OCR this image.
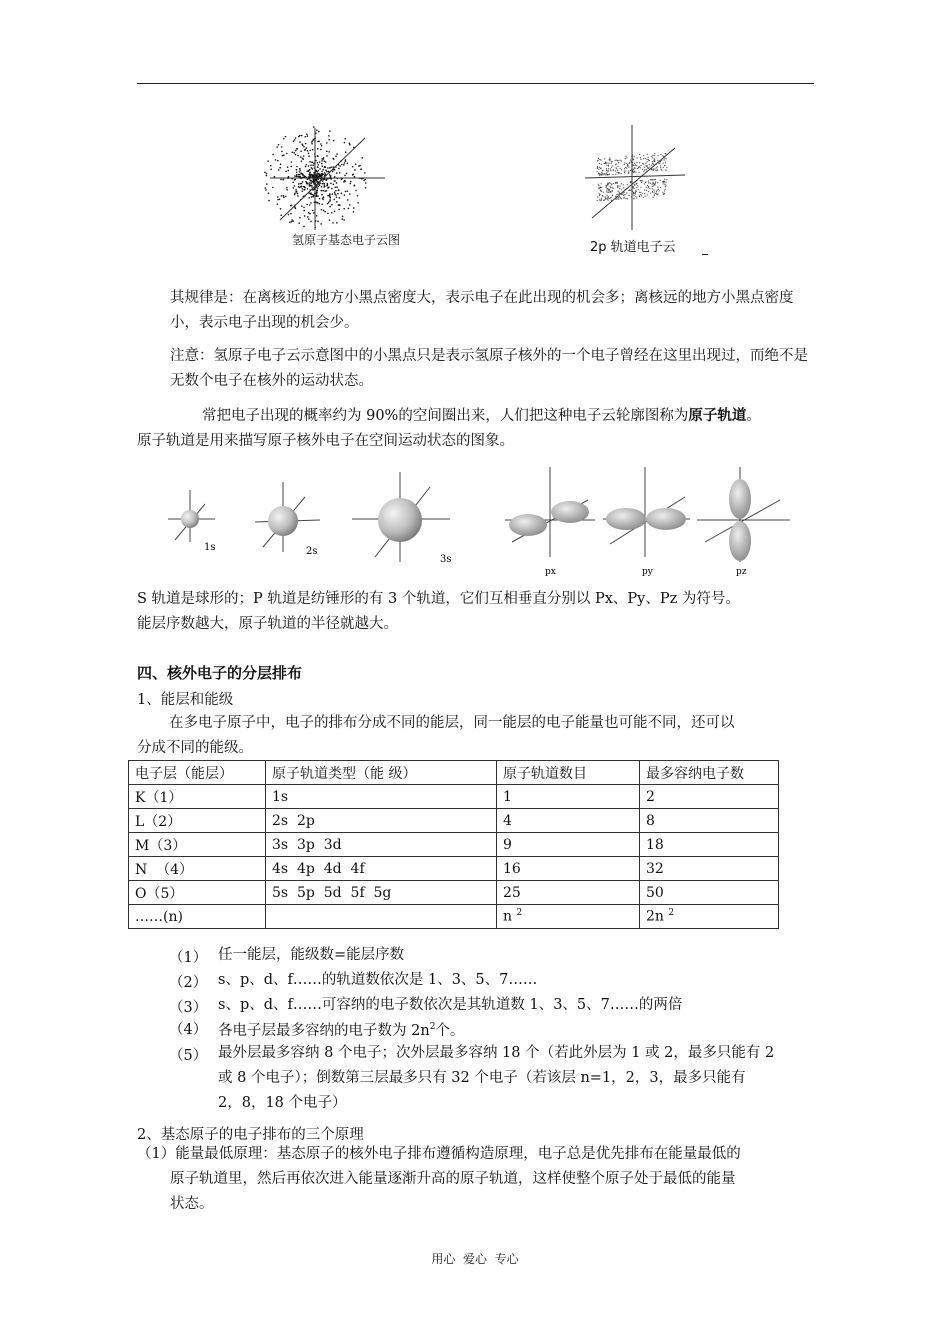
氢原子基态电子云图	2p 轨道电子云
其规律是：在离核近的地方小黑点密度大，表示电子在此出现的机会多；离核远的地方小黑点密度小，表示电子出现的机会少。
注意：氢原子电子云示意图中的小黑点只是表示氢原子核外的一个电子曾经在这里出现过，而绝不是无数个电子在核外的运动状态。
常把电子出现的概率约为 90%的空间圈出来，人们把这种电子云轮廓图称为原子轨道。
原子轨道是用来描写原子核外电子在空间运动状态的图象。
1s	2s
3s
px	py	pz
S 轨道是球形的；P 轨道是纺锤形的有 3 个轨道，它们互相垂直分别以 Px、Py、Pz 为符号。
能层序数越大，原子轨道的半径就越大。
四、核外电子的分层排布
1、能层和能级
在多电子原子中，电子的排布分成不同的能层，同一能层的电子能量也可能不同，还可以
分成不同的能级。
电子层（能层）	原子轨道类型（能 级）	原子轨道数目	最多容纳电子数
K（1）	1s	1	2
L（2）	2s  2p	4	8
M（3）	3s  3p  3d	9	18
N  （4）	4s  4p  4d  4f	16	32
O（5）	5s  5p  5d  5f  5g	25	50
……(n)		n $^2$	2n $^2$
（1） 任一能层，能级数=能层序数
（2） s、p、d、f……的轨道数依次是 1、3、5、7……
（3） s、p、d、f……可容纳的电子数依次是其轨道数 1、3、5、7……的两倍
（4） 各电子层最多容纳的电子数为 $2n^2$个。
（5） 最外层最多容纳 8 个电子；次外层最多容纳 18 个（若此外层为 1 或 2，最多只能有 2
或 8 个电子）；倒数第三层最多只有 32 个电子（若该层 n=1，2，3，最多只能有
2，8，18 个电子）
2、基态原子的电子排布的三个原理
（1）能量最低原理：基态原子的核外电子排布遵循构造原理，电子总是优先排布在能量最低的
原子轨道里，然后再依次进入能量逐渐升高的原子轨道，这样使整个原子处于最低的能量
状态。
用心  爱心  专心
